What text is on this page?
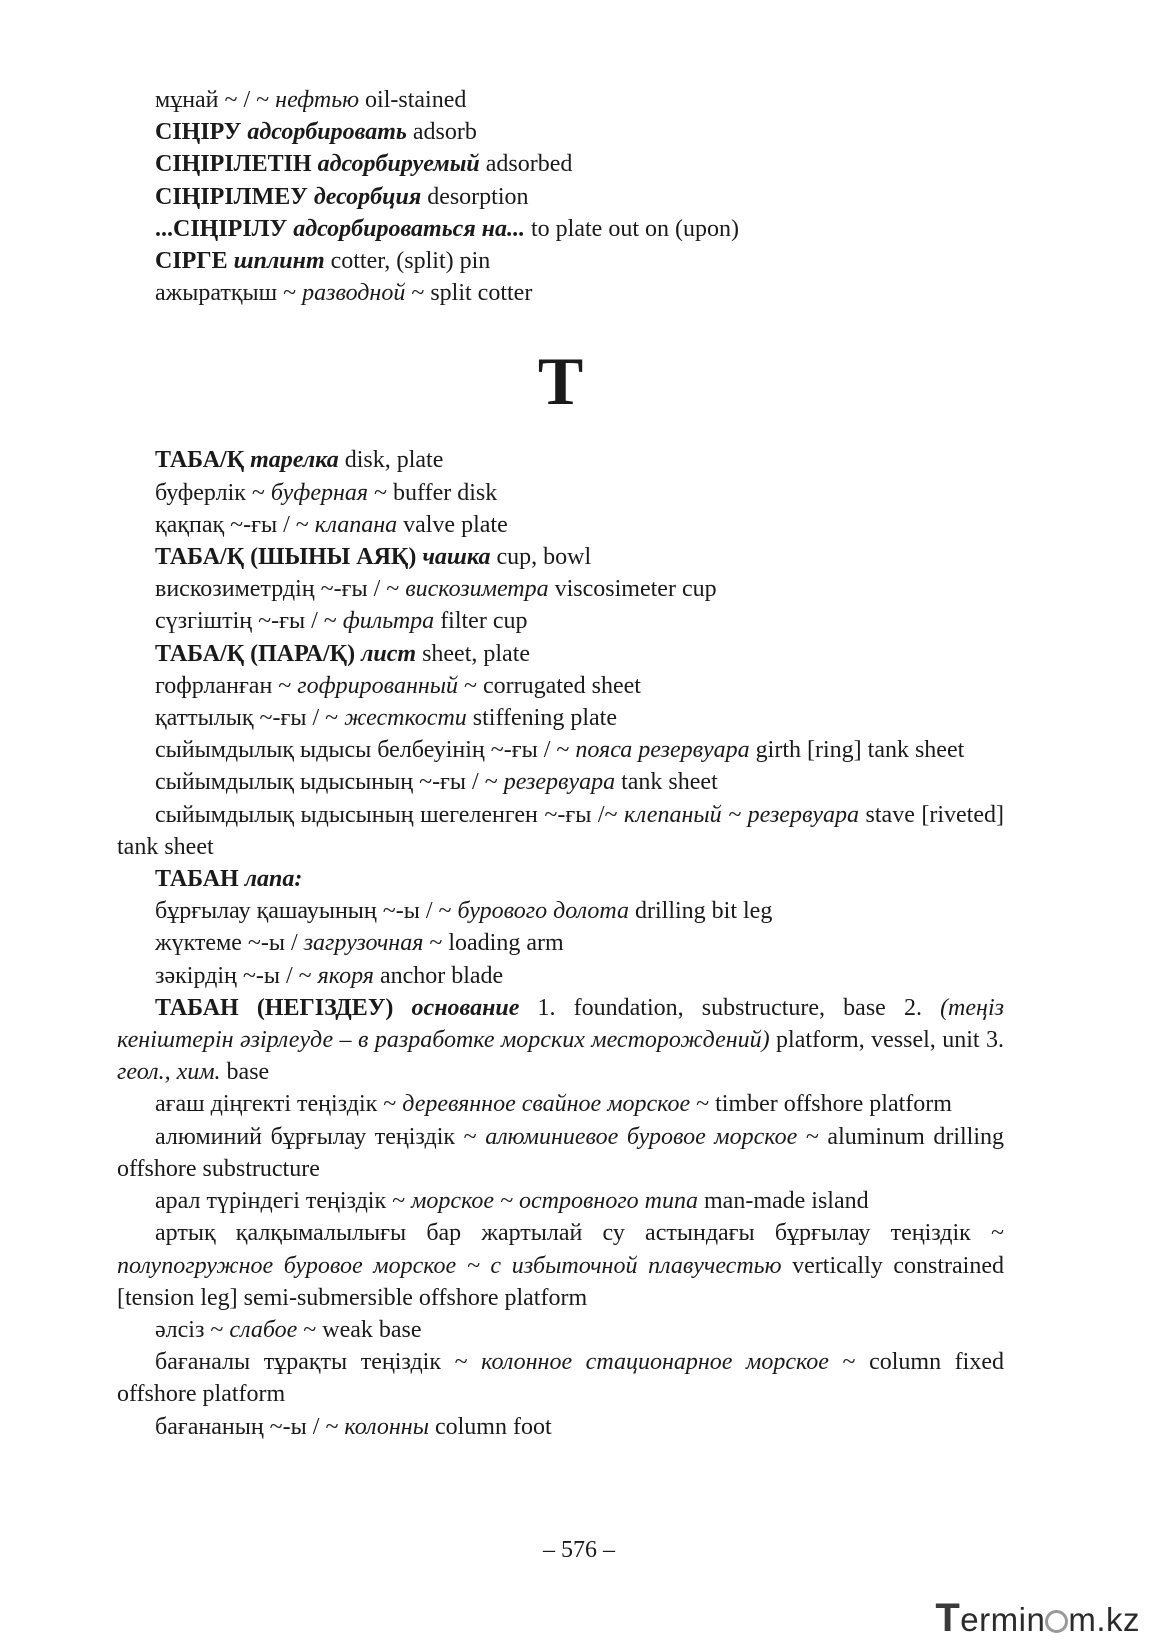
мұнай ~ / ~ нефтью oil-stained

СІҢІРУ адсорбировать adsorb

СІҢІРІЛЕТІН адсорбируемый adsorbed

СІҢІРІЛМЕУ десорбция desorption

...СІҢІРІЛУ адсорбироваться на... to plate out on (upon)

СІРГЕ шплинт cotter, (split) pin

ажыратқыш ~ разводной ~ split cotter

Т

ТАБА/Қ тарелка disk, plate

буферлік ~ буферная ~ buffer disk

қақпақ ~-ғы / ~ клапана valve plate

ТАБА/Қ (ШЫНЫ АЯҚ) чашка cup, bowl

вискозиметрдің ~-ғы / ~ вискозиметра viscosimeter cup

сүзгіштің ~-ғы / ~ фильтра filter cup

ТАБА/Қ (ПАРА/Қ) лист sheet, plate

гофрланған ~ гофрированный ~ corrugated sheet

қаттылық ~-ғы / ~ жесткости stiffening plate

сыйымдылық ыдысы белбеуінің ~-ғы / ~ пояса резервуара girth [ring] tank sheet

сыйымдылық ыдысының ~-ғы / ~ резервуара tank sheet

сыйымдылық ыдысының шегеленген ~-ғы /~ клепаный ~ резервуара stave [riveted] tank sheet

ТАБАН лапа:

бұрғылау қашауының ~-ы / ~ бурового долота drilling bit leg

жүктеме ~-ы / загрузочная ~ loading arm

зәкірдің ~-ы / ~ якоря anchor blade

ТАБАН (НЕГІЗДЕУ) основание 1. foundation, substructure, base 2. (теңіз кеніштерін әзірлеуде – в разработке морских месторождений) platform, vessel, unit 3. геол., хим. base

ағаш діңгекті теңіздік ~ деревянное свайное морское ~ timber offshore platform

алюминий бұрғылау теңіздік ~ алюминиевое буровое морское ~ aluminum drilling offshore substructure

арал түріндегі теңіздік ~ морское ~ островного типа man-made island

артық қалқымалылығы бар жартылай су астындағы бұрғылау теңіздік ~ полупогружное буровое морское ~ с избыточной плавучестью vertically constrained [tension leg] semi-submersible offshore platform

әлсіз ~ слабое ~ weak base

бағаналы тұрақты теңіздік ~ колонное стационарное морское ~ column fixed offshore platform

бағананың ~-ы / ~ колонны column foot

– 576 –
Termin m.kz
